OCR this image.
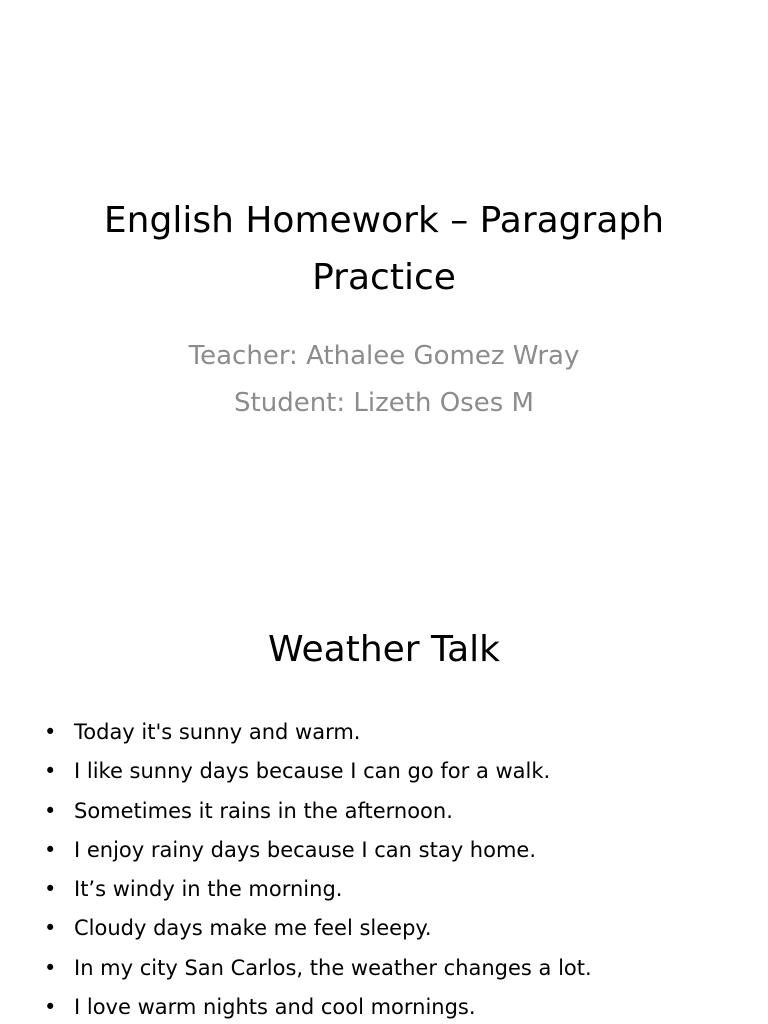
English Homework – Paragraph Practice
Teacher: Athalee Gomez Wray
Student: Lizeth Oses M
Weather Talk
• Today it's sunny and warm.
• I like sunny days because I can go for a walk.
• Sometimes it rains in the afternoon.
• I enjoy rainy days because I can stay home.
• It’s windy in the morning.
• Cloudy days make me feel sleepy.
• In my city San Carlos, the weather changes a lot.
• I love warm nights and cool mornings.
